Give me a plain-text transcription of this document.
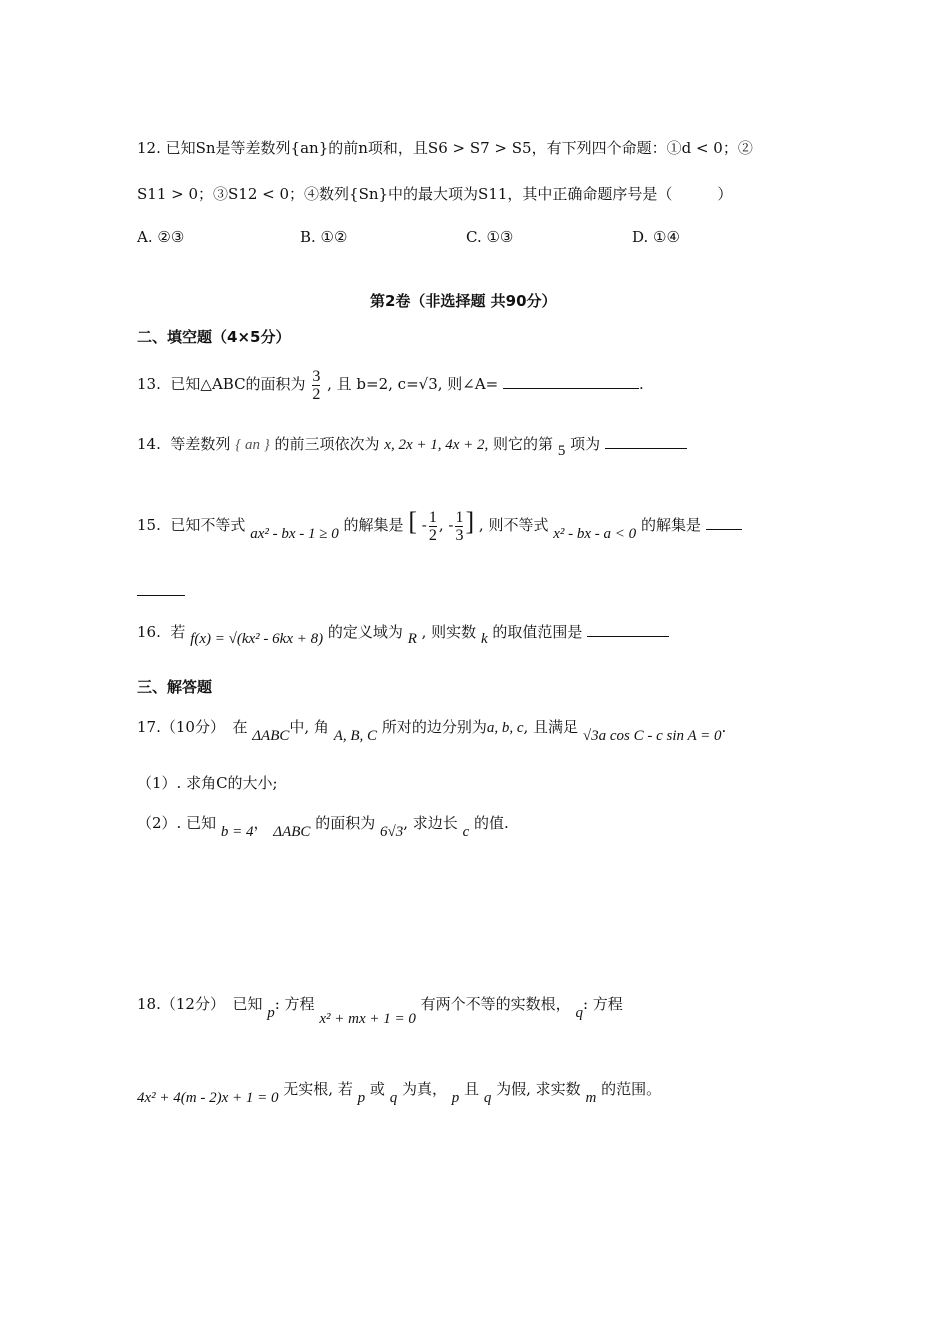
12. 已知Sn是等差数列{an}的前n项和，且S6 > S7 > S5，有下列四个命题：①d < 0；②
S11 > 0；③S12 < 0；④数列{Sn}中的最大项为S11，其中正确命题序号是（　　　）
A. ②③	B. ①②	C. ①③	D. ①④
第2卷（非选择题 共90分）
二、填空题（4×5分）
13. 已知△ABC的面积为 $\frac{3}{2}$ , 且 b=2, c=√3, 则∠A=	.
14. 等差数列 { an } 的前三项依次为 x, 2x + 1, 4x + 2, 则它的第 5 项为
15. 已知不等式 ax² - bx - 1 ≥ 0 的解集是 [ - $\frac{1}{2}$ , - $\frac{1}{3}$ ] , 则不等式 x² - bx - a < 0 的解集是
16. 若 f(x) = √(kx² - 6kx + 8) 的定义域为 R , 则实数 k 的取值范围是
三、解答题
17.（10分）　在 ΔABC中, 角 A, B, C 所对的边分别为a, b, c, 且满足 √3a cos C - c sin A = 0.
（1）. 求角C的大小;
（2）. 已知 b = 4， ΔABC 的面积为 6√3, 求边长 c 的值.
18.（12分）　已知 p: 方程 x² + mx + 1 = 0 有两个不等的实数根， q: 方程
4x² + 4(m - 2)x + 1 = 0 无实根, 若 p 或 q 为真， p 且 q 为假, 求实数 m 的范围。
